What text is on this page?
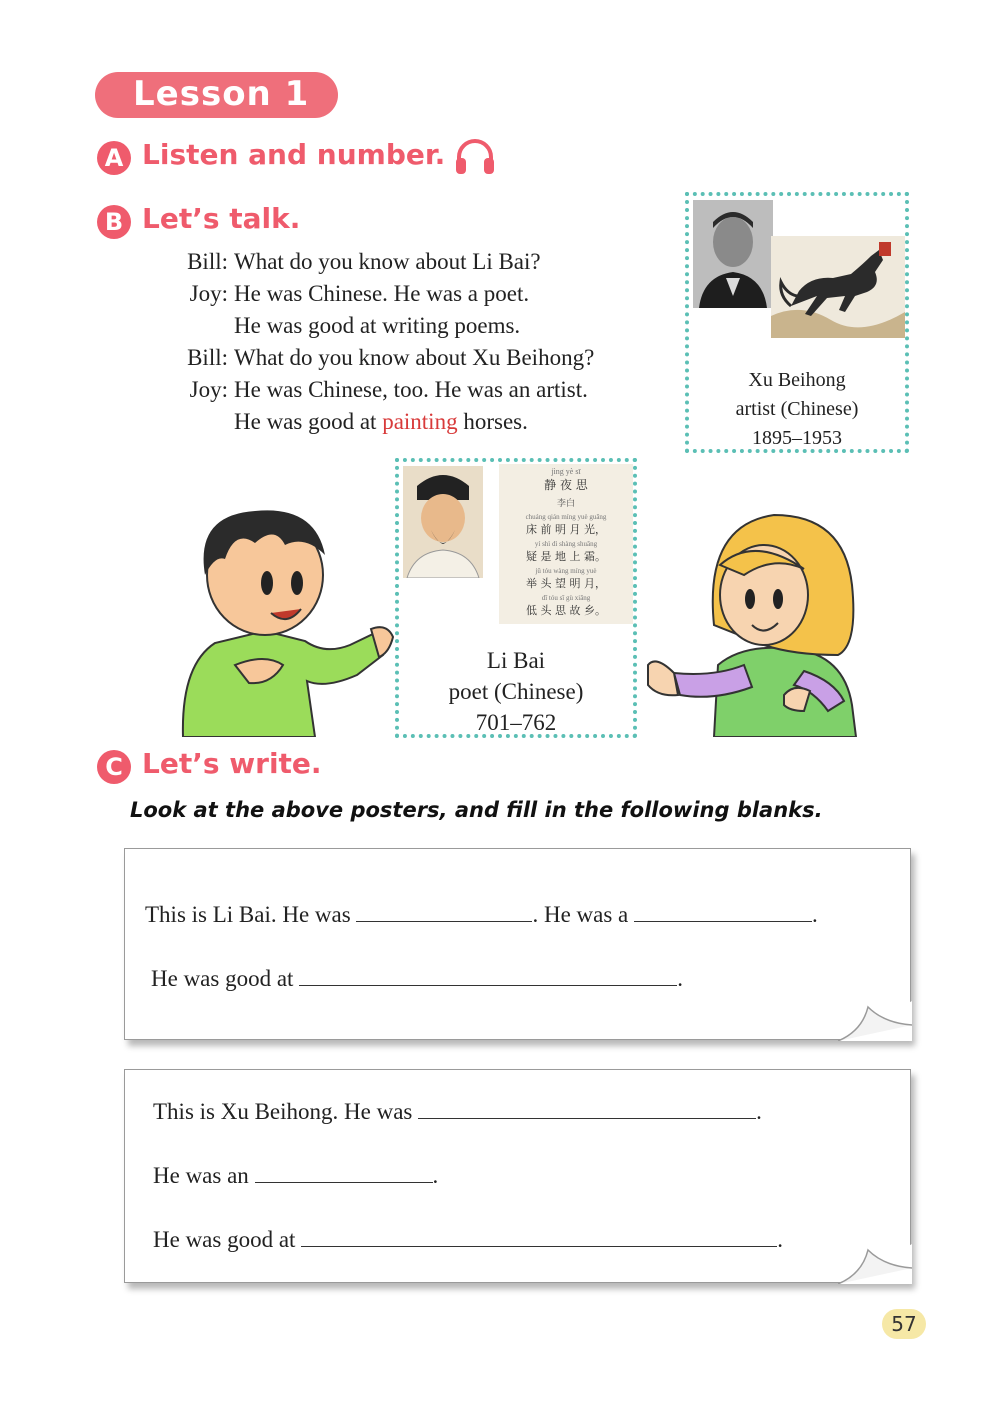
Lesson 1
A Listen and number.
B Let’s talk.
Bill: What do you know about Li Bai?
Joy: He was Chinese. He was a poet.
He was good at writing poems.
Bill: What do you know about Xu Beihong?
Joy: He was Chinese, too. He was an artist.
He was good at painting horses.
Xu Beihong
artist (Chinese)
1895–1953
jìng yè sī
静 夜 思
李白
chuáng qián míng yuè guāng
床 前 明 月 光，
yí shì dì shàng shuāng
疑 是 地 上 霜。
jǔ tóu wàng míng yuè
举 头 望 明 月，
dī tóu sī gù xiāng
低 头 思 故 乡。
Li Bai
poet (Chinese)
701–762
C Let’s write.
Look at the above posters, and fill in the following blanks.
This is Li Bai. He was	. He was a	.
He was good at	.
This is Xu Beihong. He was	.
He was an	.
He was good at	.
57
